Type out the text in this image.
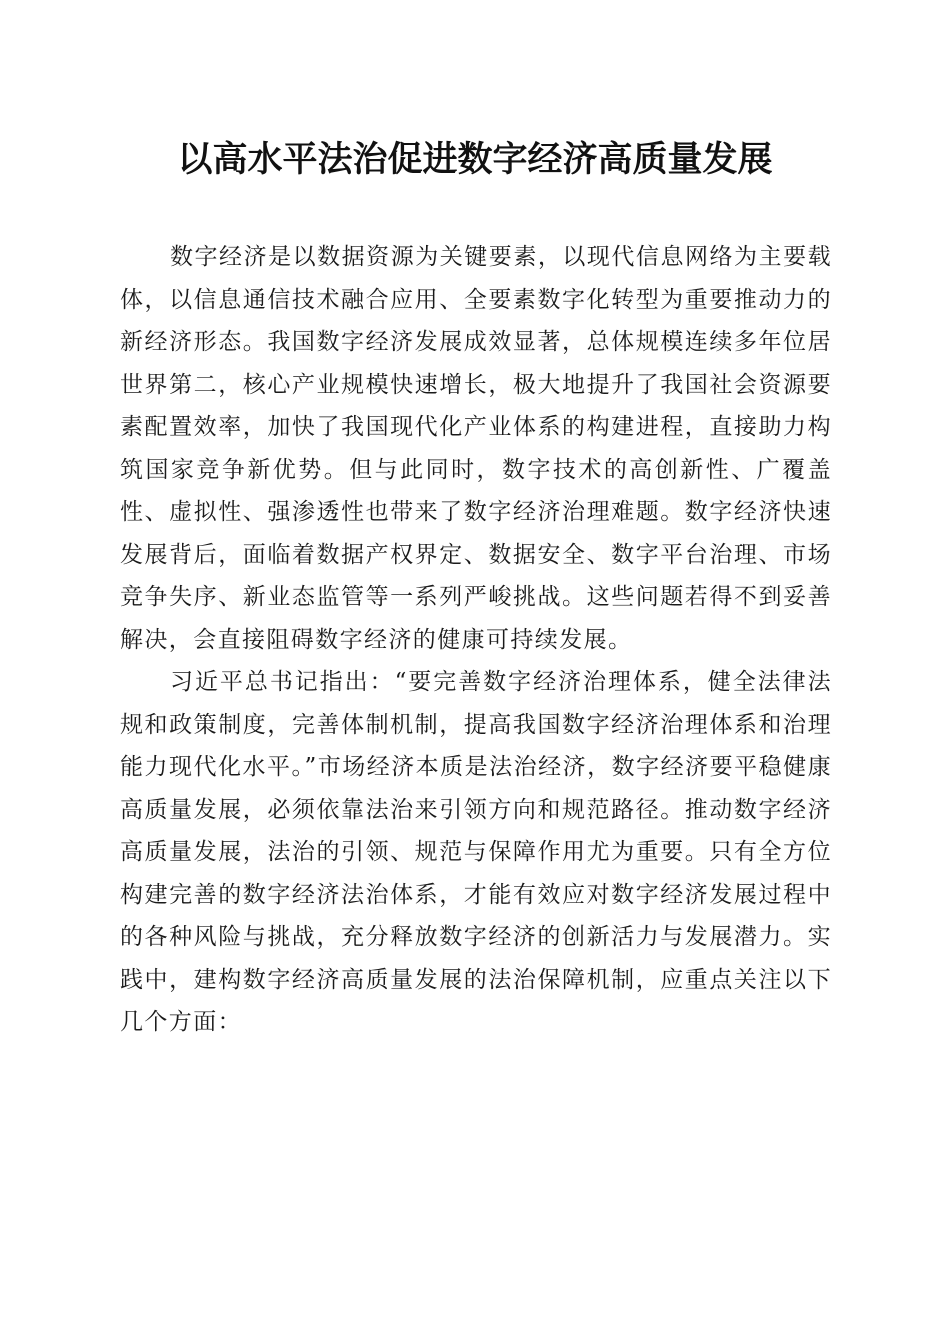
以高水平法治促进数字经济高质量发展

数字经济是以数据资源为关键要素，以现代信息网络为主要载体，以信息通信技术融合应用、全要素数字化转型为重要推动力的新经济形态。我国数字经济发展成效显著，总体规模连续多年位居世界第二，核心产业规模快速增长，极大地提升了我国社会资源要素配置效率，加快了我国现代化产业体系的构建进程，直接助力构筑国家竞争新优势。但与此同时，数字技术的高创新性、广覆盖性、虚拟性、强渗透性也带来了数字经济治理难题。数字经济快速发展背后，面临着数据产权界定、数据安全、数字平台治理、市场竞争失序、新业态监管等一系列严峻挑战。这些问题若得不到妥善解决，会直接阻碍数字经济的健康可持续发展。

习近平总书记指出：“要完善数字经济治理体系，健全法律法规和政策制度，完善体制机制，提高我国数字经济治理体系和治理能力现代化水平。”市场经济本质是法治经济，数字经济要平稳健康高质量发展，必须依靠法治来引领方向和规范路径。推动数字经济高质量发展，法治的引领、规范与保障作用尤为重要。只有全方位构建完善的数字经济法治体系，才能有效应对数字经济发展过程中的各种风险与挑战，充分释放数字经济的创新活力与发展潜力。实践中，建构数字经济高质量发展的法治保障机制，应重点关注以下几个方面：
